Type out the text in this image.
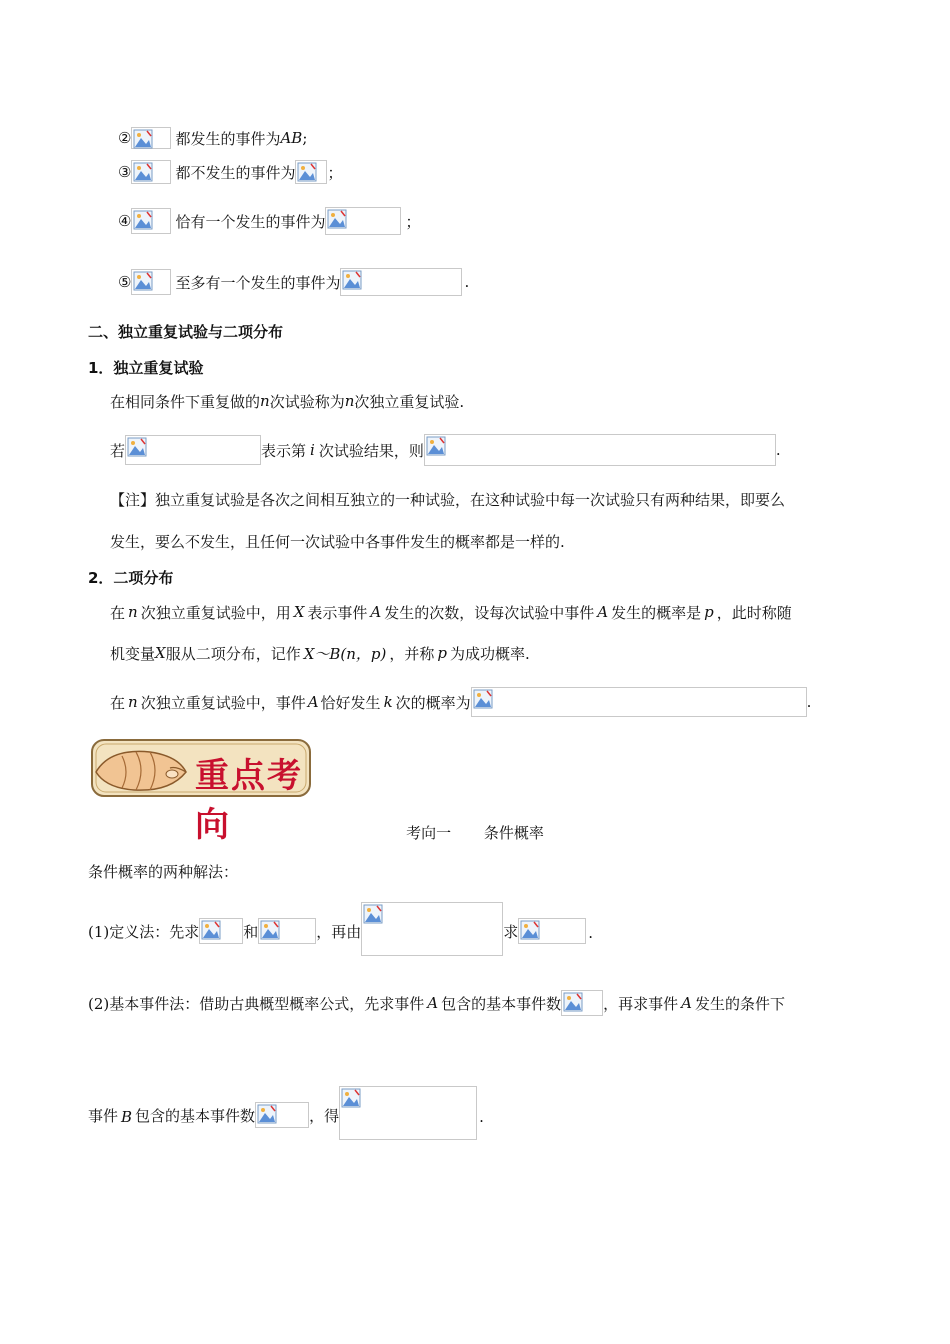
②	都发生的事件为 AB ;
③	都不发生的事件为 ；
④	恰有一个发生的事件为	；
⑤	至多有一个发生的事件为	.
二、独立重复试验与二项分布
1．独立重复试验
在相同条件下重复做的 n 次试验称为 n 次独立重复试验.
若	表示第 i 次试验结果，则	.
【注】独立重复试验是各次之间相互独立的一种试验，在这种试验中每一次试验只有两种结果，即要么
发生，要么不发生，且任何一次试验中各事件发生的概率都是一样的.
2．二项分布
在 n 次独立重复试验中，用 X 表示事件 A 发生的次数，设每次试验中事件 A 发生的概率是 p ，此时称随
机变量 X 服从二项分布，记作 X～B(n，p) ，并称 p 为成功概率.
在 n 次独立重复试验中，事件 A 恰好发生 k 次的概率为	.
重点考向	考向一 条件概率
条件概率的两种解法：
(1)定义法：先求	和	，再由	求	.
(2)基本事件法：借助古典概型概率公式，先求事件 A 包含的基本事件数	，再求事件 A 发生的条件下
事件 B 包含的基本事件数	，得	.
